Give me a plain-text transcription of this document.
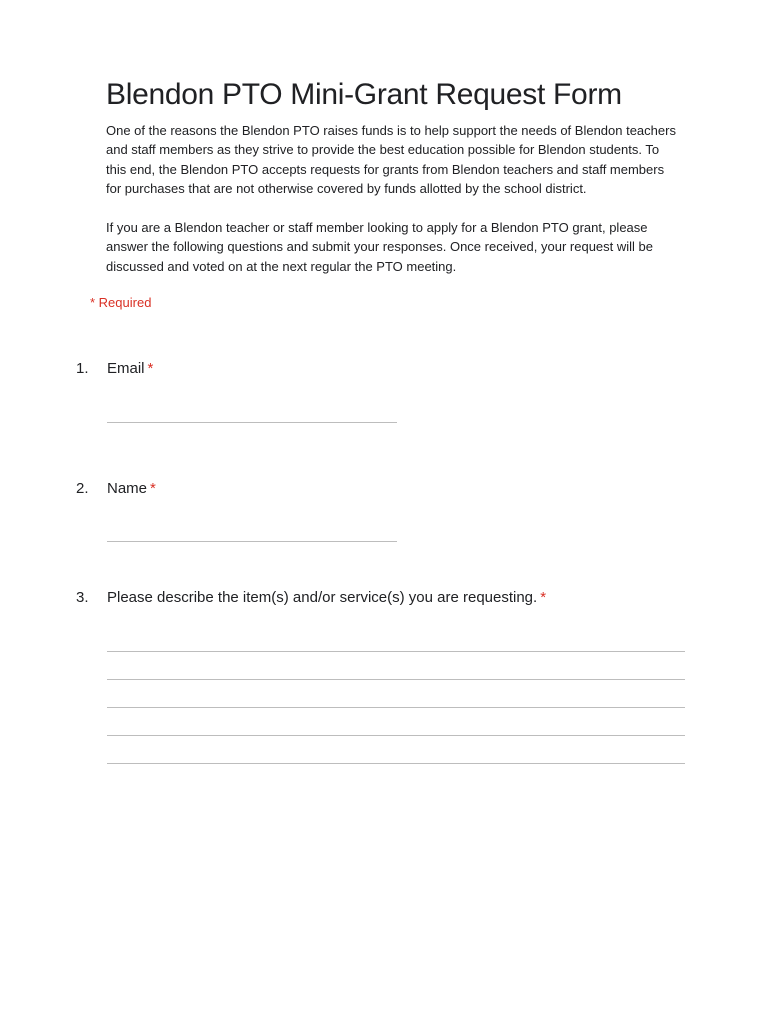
Blendon PTO Mini-Grant Request Form

One of the reasons the Blendon PTO raises funds is to help support the needs of Blendon teachers and staff members as they strive to provide the best education possible for Blendon students. To this end, the Blendon PTO accepts requests for grants from Blendon teachers and staff members for purchases that are not otherwise covered by funds allotted by the school district.

If you are a Blendon teacher or staff member looking to apply for a Blendon PTO grant, please answer the following questions and submit your responses. Once received, your request will be discussed and voted on at the next regular the PTO meeting.

* Required
1. Email *
2. Name *
3. Please describe the item(s) and/or service(s) you are requesting. *
